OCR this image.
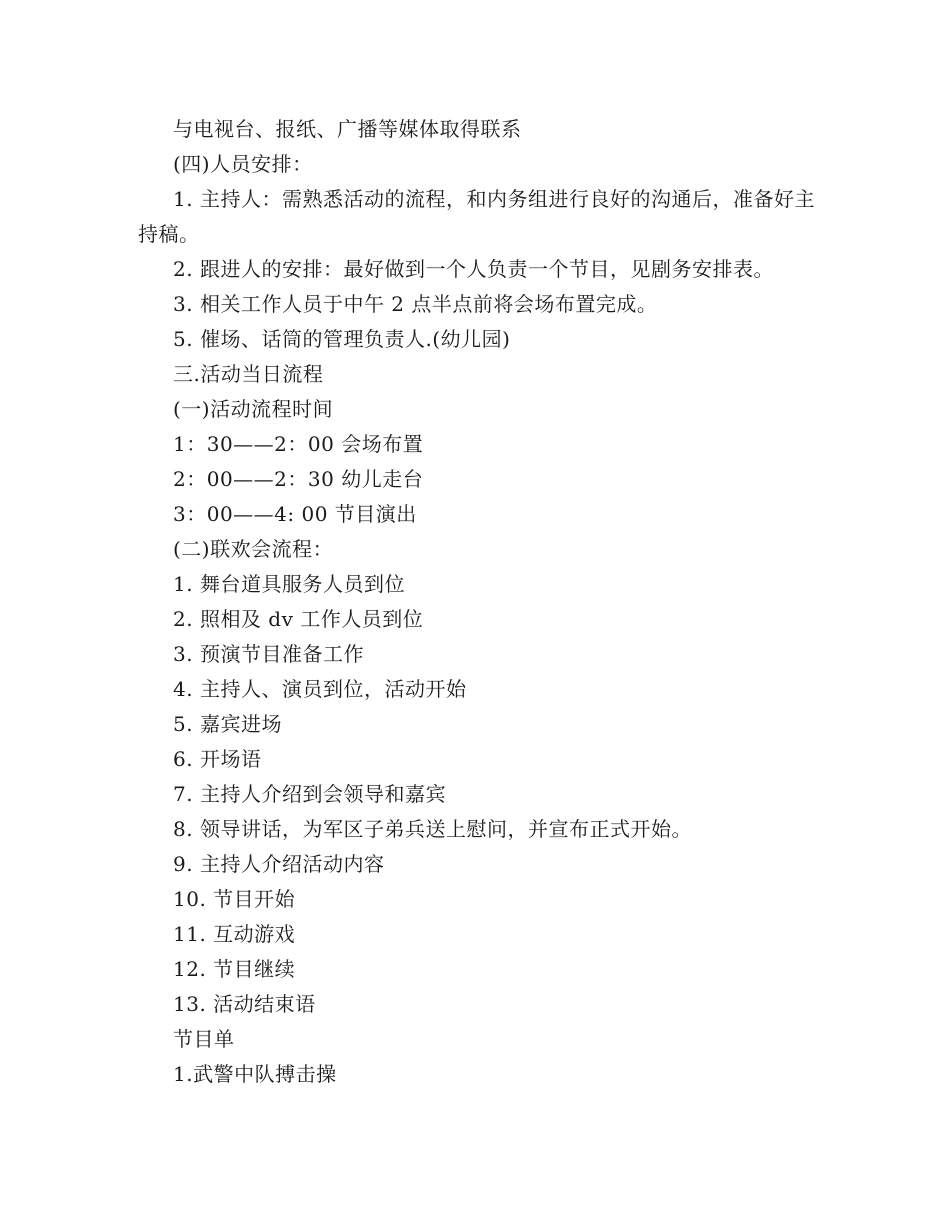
与电视台、报纸、广播等媒体取得联系

(四)人员安排：

1. 主持人：需熟悉活动的流程，和内务组进行良好的沟通后，准备好主持稿。

2. 跟进人的安排：最好做到一个人负责一个节目，见剧务安排表。

3. 相关工作人员于中午 2 点半点前将会场布置完成。

5. 催场、话筒的管理负责人.(幼儿园)

三.活动当日流程

(一)活动流程时间

1：30——2：00 会场布置

2：00——2：30 幼儿走台

3：00——4: 00 节目演出

(二)联欢会流程：

1. 舞台道具服务人员到位

2. 照相及 dv 工作人员到位

3. 预演节目准备工作

4. 主持人、演员到位，活动开始

5. 嘉宾进场

6. 开场语

7. 主持人介绍到会领导和嘉宾

8. 领导讲话，为军区子弟兵送上慰问，并宣布正式开始。

9. 主持人介绍活动内容

10. 节目开始

11. 互动游戏

12. 节目继续

13. 活动结束语

节目单

1.武警中队搏击操
